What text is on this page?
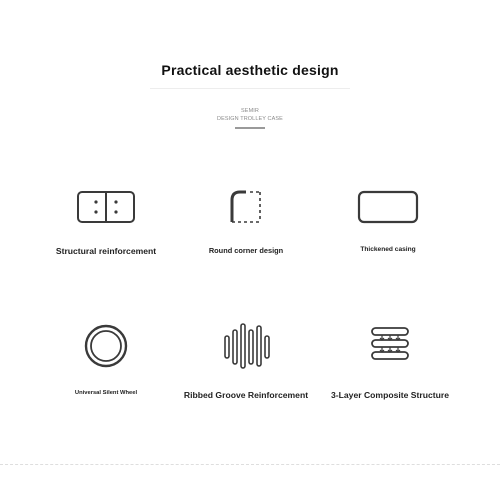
Practical aesthetic design
SEMIR
DESIGN TROLLEY CASE
Structural reinforcement	Round corner design	Thickened casing
Universal Silent Wheel	Ribbed Groove Reinforcement	3-Layer Composite Structure
